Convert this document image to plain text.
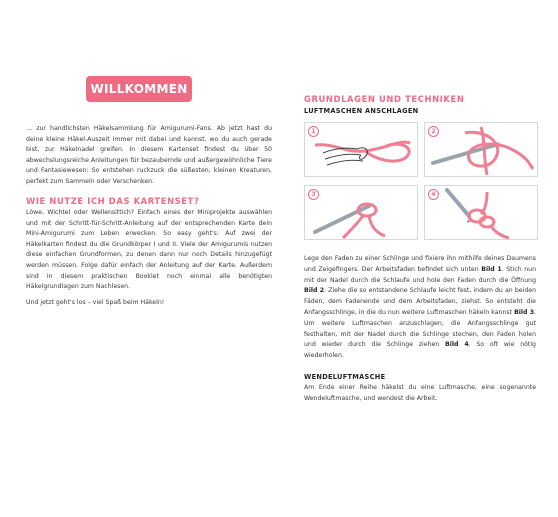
WILLKOMMEN
… zur handlichsten Häkelsammlung für Amigurumi-Fans. Ab jetzt hast du deine kleine Häkel-Auszeit immer mit dabei und kannst, wo du auch gerade bist, zur Häkelnadel greifen. In diesem Kartenset findest du über 50 abwechslungsreiche Anleitungen für bezaubernde und außergewöhnliche Tiere und Fantasiewesen: So entstehen ruckzuck die süßesten, kleinen Kreaturen, perfekt zum Sammeln oder Verschenken.
WIE NUTZE ICH DAS KARTENSET?
Löwe, Wichtel oder Wellensittich? Einfach eines der Miniprojekte auswählen und mit der Schritt-für-Schritt-Anleitung auf der entsprechenden Karte dein Mini-Amigurumi zum Leben erwecken. So easy geht's: Auf zwei der Häkelkarten findest du die Grundkörper I und II. Viele der Amigurumis nutzen diese einfachen Grundformen, zu denen dann nur noch Details hinzugefügt werden müssen. Folge dafür einfach der Anleitung auf der Karte. Außerdem sind in diesem praktischen Booklet noch einmal alle benötigten Häkelgrundlagen zum Nachlesen.
Und jetzt geht's los – viel Spaß beim Häkeln!
GRUNDLAGEN UND TECHNIKEN
LUFTMASCHEN ANSCHLAGEN
1	2
3	4
Lege den Faden zu einer Schlinge und fixiere ihn mithilfe deines Daumens und Zeigefingers. Der Arbeitsfaden befindet sich unten Bild 1. Stich nun mit der Nadel durch die Schlaufe und hole den Faden durch die Öffnung Bild 2. Ziehe die so entstandene Schlaufe leicht fest, indem du an beiden Fäden, dem Fadenende und dem Arbeitsfaden, ziehst. So entsteht die Anfangsschlinge, in die du nun weitere Luftmaschen häkeln kannst Bild 3. Um weitere Luftmaschen anzuschlagen, die Anfangsschlinge gut festhalten, mit der Nadel durch die Schlinge stechen, den Faden holen und wieder durch die Schlinge ziehen Bild 4. So oft wie nötig wiederholen.
WENDELUFTMASCHE
Am Ende einer Reihe häkelst du eine Luftmasche, eine sogenannte Wendeluftmasche, und wendest die Arbeit.
